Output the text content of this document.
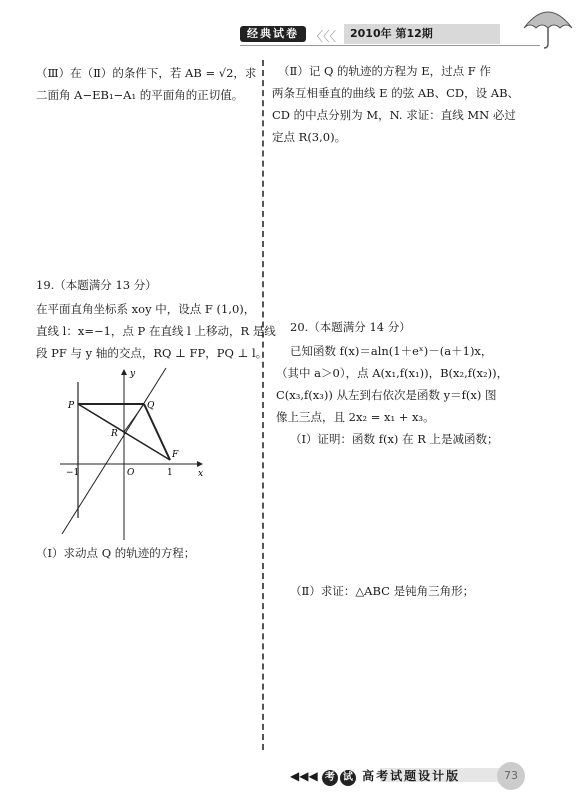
经典试卷 〈〈〈	2010年 第12期
（Ⅲ）在（Ⅱ）的条件下，若 AB = √2，求
二面角 A−EB₁−A₁ 的平面角的正切值。
19.（本题满分 13 分）
在平面直角坐标系 xoy 中，设点 F (1,0)，
直线 l：x=−1，点 P 在直线 l 上移动，R 是线
段 PF 与 y 轴的交点，RQ ⊥ FP，PQ ⊥ l。
y
x
P	Q
R
F
O
−1	1
（Ⅰ）求动点 Q 的轨迹的方程；
（Ⅱ）记 Q 的轨迹的方程为 E，过点 F 作
两条互相垂直的曲线 E 的弦 AB、CD，设 AB、
CD 的中点分别为 M，N. 求证：直线 MN 必过
定点 R(3,0)。
20.（本题满分 14 分）
已知函数 f(x)＝aln(1＋eˣ)－(a＋1)x，
（其中 a＞0），点 A(x₁,f(x₁))，B(x₂,f(x₂))，
C(x₃,f(x₃)) 从左到右依次是函数 y＝f(x) 图
像上三点，且 2x₂ = x₁ + x₃。
（Ⅰ）证明：函数 f(x) 在 R 上是减函数；
（Ⅱ）求证：△ABC 是钝角三角形；
◀◀◀ 考 试 高考试题设计版	73
